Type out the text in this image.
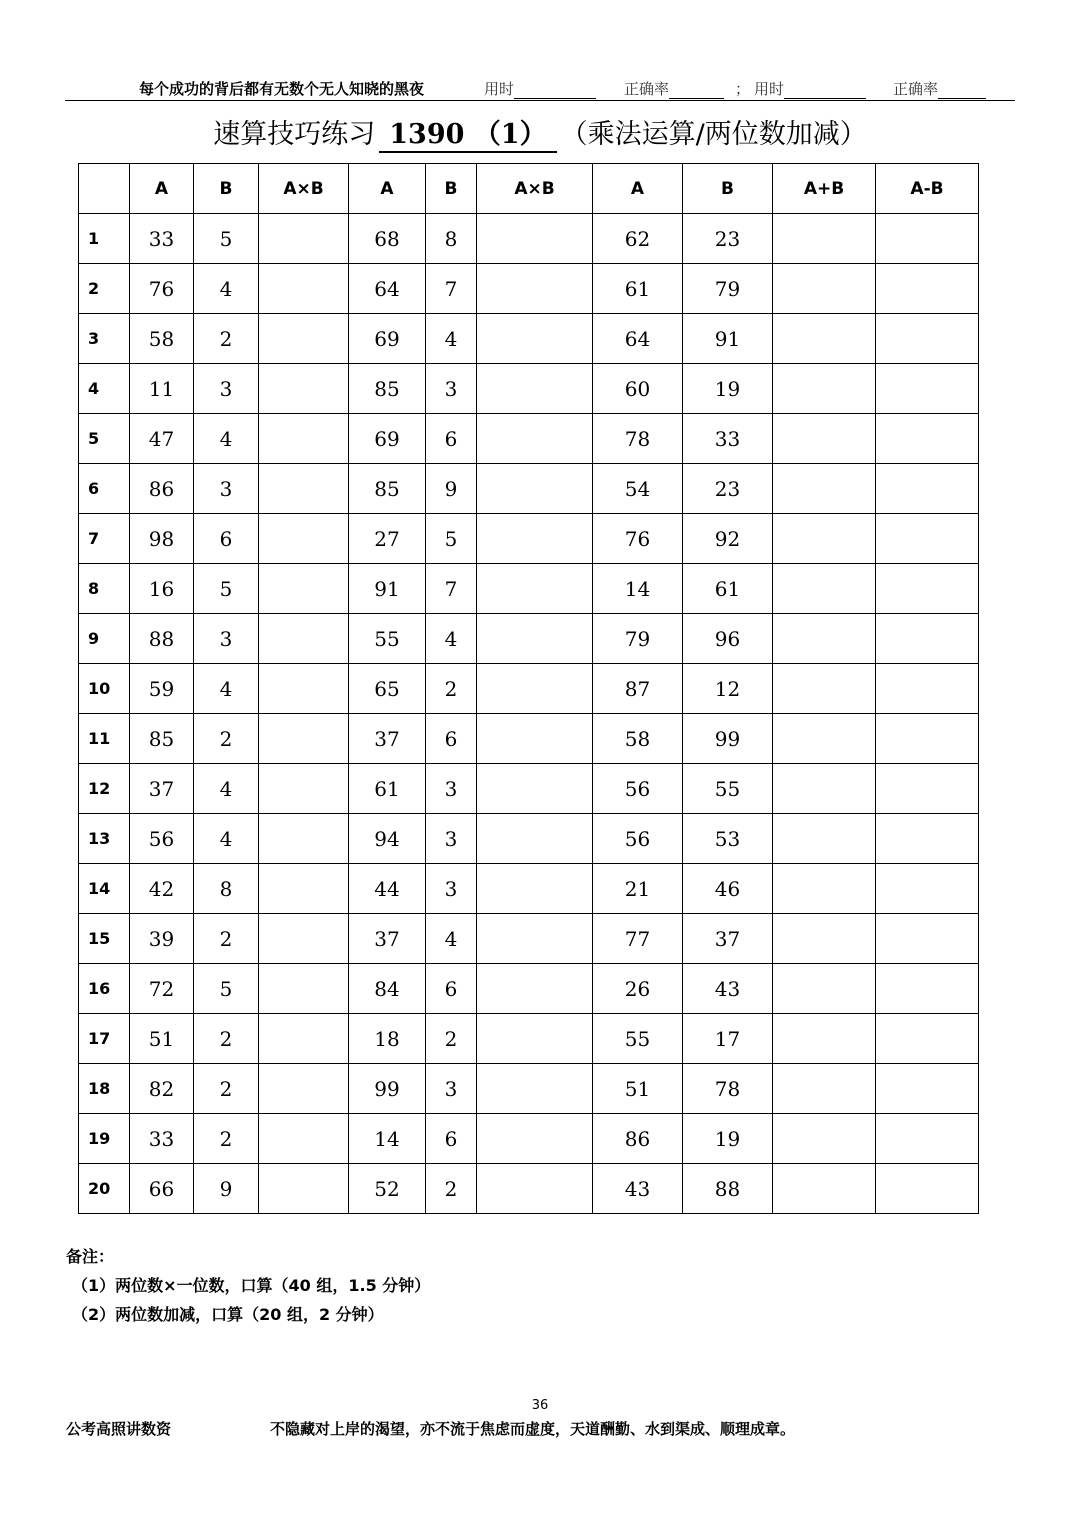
每个成功的背后都有无数个无人知晓的黑夜	用时	正确率	； 用时	正确率
速算技巧练习 1390 （1） （乘法运算/两位数加减）
	A	B	A×B	A	B	A×B	A	B	A+B	A-B
1	33	5		68	8		62	23		
2	76	4		64	7		61	79		
3	58	2		69	4		64	91		
4	11	3		85	3		60	19		
5	47	4		69	6		78	33		
6	86	3		85	9		54	23		
7	98	6		27	5		76	92		
8	16	5		91	7		14	61		
9	88	3		55	4		79	96		
10	59	4		65	2		87	12		
11	85	2		37	6		58	99		
12	37	4		61	3		56	55		
13	56	4		94	3		56	53		
14	42	8		44	3		21	46		
15	39	2		37	4		77	37		
16	72	5		84	6		26	43		
17	51	2		18	2		55	17		
18	82	2		99	3		51	78		
19	33	2		14	6		86	19		
20	66	9		52	2		43	88		
备注：
（1）两位数×一位数，口算（40 组，1.5 分钟）
（2）两位数加减，口算（20 组，2 分钟）
36
公考高照讲数资	不隐藏对上岸的渴望，亦不流于焦虑而虚度，天道酬勤、水到渠成、顺理成章。
